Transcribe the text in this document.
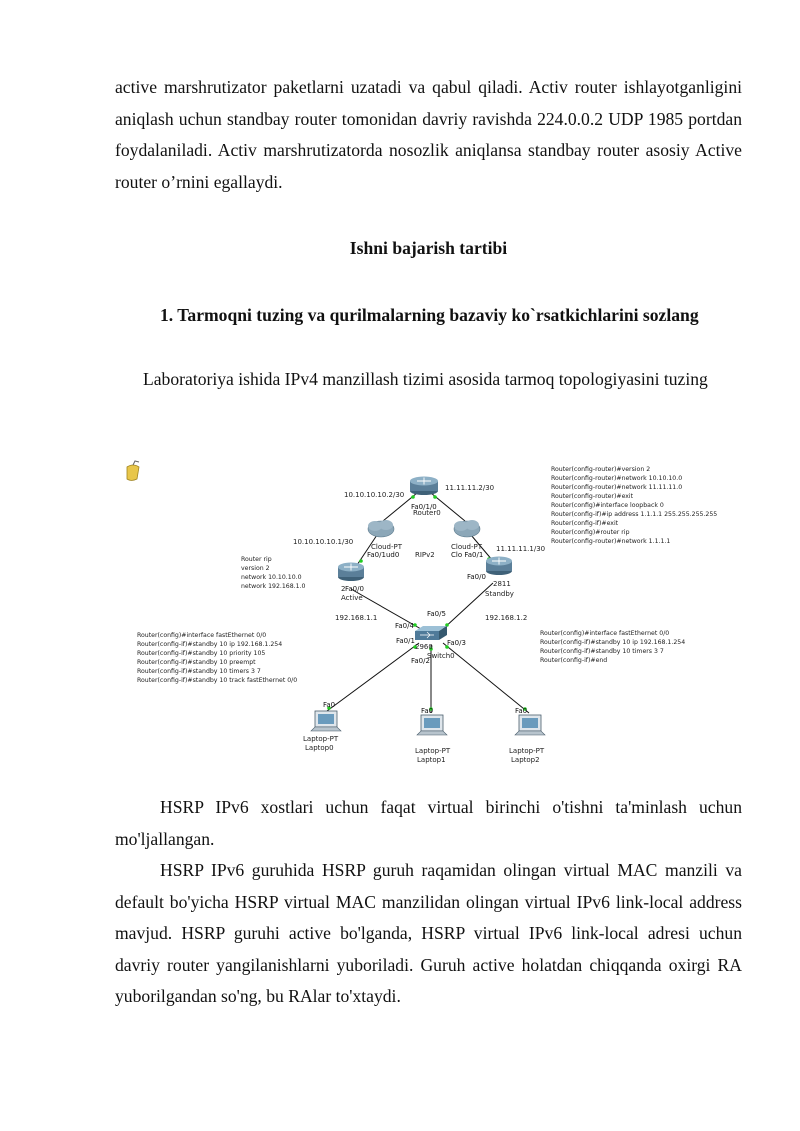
active marshrutizator paketlarni uzatadi va qabul qiladi. Activ router ishlayotganligini aniqlash uchun standbay router tomonidan davriy ravishda 224.0.0.2 UDP 1985 portdan foydalaniladi. Activ marshrutizatorda nosozlik aniqlansa standbay router asosiy Active router o’rnini egallaydi.

Ishni bajarish tartibi

1. Tarmoqni tuzing va qurilmalarning bazaviy ko`rsatkichlarini sozlang

Laboratoriya ishida IPv4 manzillash tizimi asosida tarmoq topologiyasini tuzing

10.10.10.10.2/30
11.11.11.2/30
Fa0/1/0
Router0
Cloud-PT
Fa0/1ud0
Cloud-PT
Clo Fa0/1
RIPv2
10.10.10.10.1/30
Fa0/0
2
Active
Router rip
version 2
network 10.10.10.0
network 192.168.1.0
11.11.11.1/30
Fa0/0
2811
Standby
192.168.1.1	192.168.1.2
Fa0/5
Fa0/4
Fa0/1
2960
Switch0
Fa0/2
Fa0/3
Router(config)#interface fastEthernet 0/0
Router(config-if)#standby 10 ip 192.168.1.254
Router(config-if)#standby 10 priority 105
Router(config-if)#standby 10 preempt
Router(config-if)#standby 10 timers 3 7
Router(config-if)#standby 10 track fastEthernet 0/0
Router(config)#interface fastEthernet 0/0
Router(config-if)#standby 10 ip 192.168.1.254
Router(config-if)#standby 10 timers 3 7
Router(config-if)#end
Router(config-router)#version 2
Router(config-router)#network 10.10.10.0
Router(config-router)#network 11.11.11.0
Router(config-router)#exit
Router(config)#interface loopback 0
Router(config-if)#ip address 1.1.1.1 255.255.255.255
Router(config-if)#exit
Router(config)#router rip
Router(config-router)#network 1.1.1.1
Fa0
Laptop-PT
Laptop0
Fa0
Laptop-PT
Laptop1
Fa0
Laptop-PT
Laptop2

HSRP IPv6 xostlari uchun faqat virtual birinchi o'tishni ta'minlash uchun mo'ljallangan.

HSRP IPv6 guruhida HSRP guruh raqamidan olingan virtual MAC manzili va default bo'yicha HSRP virtual MAC manzilidan olingan virtual IPv6 link-local address mavjud. HSRP guruhi active bo'lganda, HSRP virtual IPv6 link-local adresi uchun davriy router yangilanishlarni yuboriladi. Guruh active holatdan chiqqanda oxirgi RA yuborilgandan so'ng, bu RAlar to'xtaydi.
